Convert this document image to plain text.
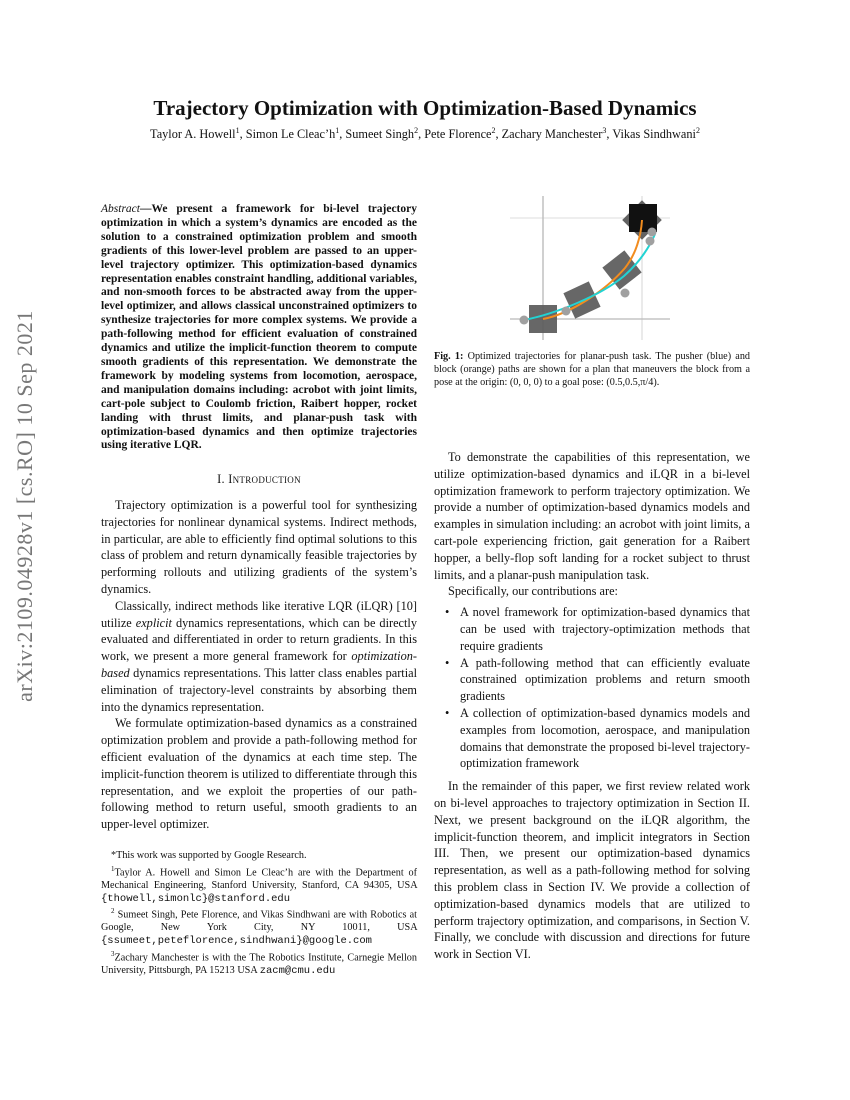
arXiv:2109.04928v1 [cs.RO] 10 Sep 2021
Trajectory Optimization with Optimization-Based Dynamics
Taylor A. Howell$^1$, Simon Le $Cleac’h^1$, Sumeet Singh$^2$, Pete Florence$^2$, Zachary Manchester$^3$, Vikas Sindhwani$^2$
Abstract—We present a framework for bi-level trajectory optimization in which a system’s dynamics are encoded as the solution to a constrained optimization problem and smooth gradients of this lower-level problem are passed to an upper-level trajectory optimizer. This optimization-based dynamics representation enables constraint handling, additional variables, and non-smooth forces to be abstracted away from the upper-level optimizer, and allows classical unconstrained optimizers to synthesize trajectories for more complex systems. We provide a path-following method for efficient evaluation of constrained dynamics and utilize the implicit-function theorem to compute smooth gradients of this representation. We demonstrate the framework by modeling systems from locomotion, aerospace, and manipulation domains including: acrobot with joint limits, cart-pole subject to Coulomb friction, Raibert hopper, rocket landing with thrust limits, and planar-push task with optimization-based dynamics and then optimize trajectories using iterative LQR.
I. Introduction

Trajectory optimization is a powerful tool for synthesizing trajectories for nonlinear dynamical systems. Indirect methods, in particular, are able to efficiently find optimal solutions to this class of problem and return dynamically feasible trajectories by performing rollouts and utilizing gradients of the system’s dynamics.

Classically, indirect methods like iterative LQR (iLQR) [10] utilize explicit dynamics representations, which can be directly evaluated and differentiated in order to return gradients. In this work, we present a more general framework for optimization-based dynamics representations. This latter class enables partial elimination of trajectory-level constraints by absorbing them into the dynamics representation.

We formulate optimization-based dynamics as a constrained optimization problem and provide a path-following method for efficient evaluation of the dynamics at each time step. The implicit-function theorem is utilized to differentiate through this representation, and we exploit the properties of our path-following method to return useful, smooth gradients to an upper-level optimizer.

*This work was supported by Google Research.

$^1$Taylor A. Howell and Simon Le Cleac’h are with the Department of Mechanical Engineering, Stanford University, Stanford, CA 94305, USA {thowell,simonlc}@stanford.edu

$^2$ Sumeet Singh, Pete Florence, and Vikas Sindhwani are with Robotics at Google, New York City, NY 10011, USA {ssumeet,peteflorence,sindhwani}@google.com

$^3$Zachary Manchester is with the The Robotics Institute, Carnegie Mellon University, Pittsburgh, PA 15213 USA zacm@cmu.edu

Fig. 1: Optimized trajectories for planar-push task. The pusher (blue) and block (orange) paths are shown for a plan that maneuvers the block from a pose at the origin: (0, 0, 0) to a goal pose: (0.5,0.5,π/4).

To demonstrate the capabilities of this representation, we utilize optimization-based dynamics and iLQR in a bi-level optimization framework to perform trajectory optimization. We provide a number of optimization-based dynamics models and examples in simulation including: an acrobot with joint limits, a cart-pole experiencing friction, gait generation for a Raibert hopper, a belly-flop soft landing for a rocket subject to thrust limits, and a planar-push manipulation task.

Specifically, our contributions are:

• A novel framework for optimization-based dynamics that can be used with trajectory-optimization methods that require gradients
• A path-following method that can efficiently evaluate constrained optimization problems and return smooth gradients
• A collection of optimization-based dynamics models and examples from locomotion, aerospace, and manipulation domains that demonstrate the proposed bi-level trajectory-optimization framework

In the remainder of this paper, we first review related work on bi-level approaches to trajectory optimization in Section II. Next, we present background on the iLQR algorithm, the implicit-function theorem, and implicit integrators in Section III. Then, we present our optimization-based dynamics representation, as well as a path-following method for solving this problem class in Section IV. We provide a collection of optimization-based dynamics models that are utilized to perform trajectory optimization, and comparisons, in Section V. Finally, we conclude with discussion and directions for future work in Section VI.
